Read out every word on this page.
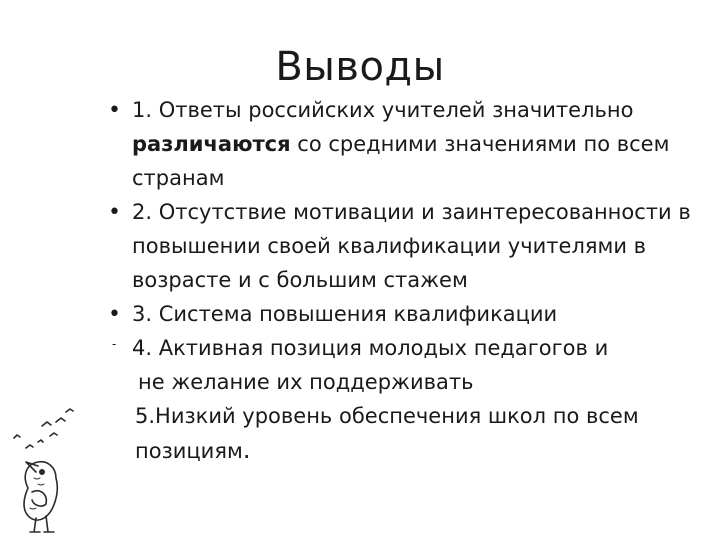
Выводы
•
1. Ответы российских учителей значительно различаются со средними значениями по всем странам
•
2. Отсутствие мотивации и заинтересованности в повышении своей квалификации учителями в возрасте и с большим стажем
•
3. Система повышения квалификации
- 4. Активная позиция молодых педагогов и
не желание их поддерживать
5.Низкий уровень обеспечения школ по всем позициям.
